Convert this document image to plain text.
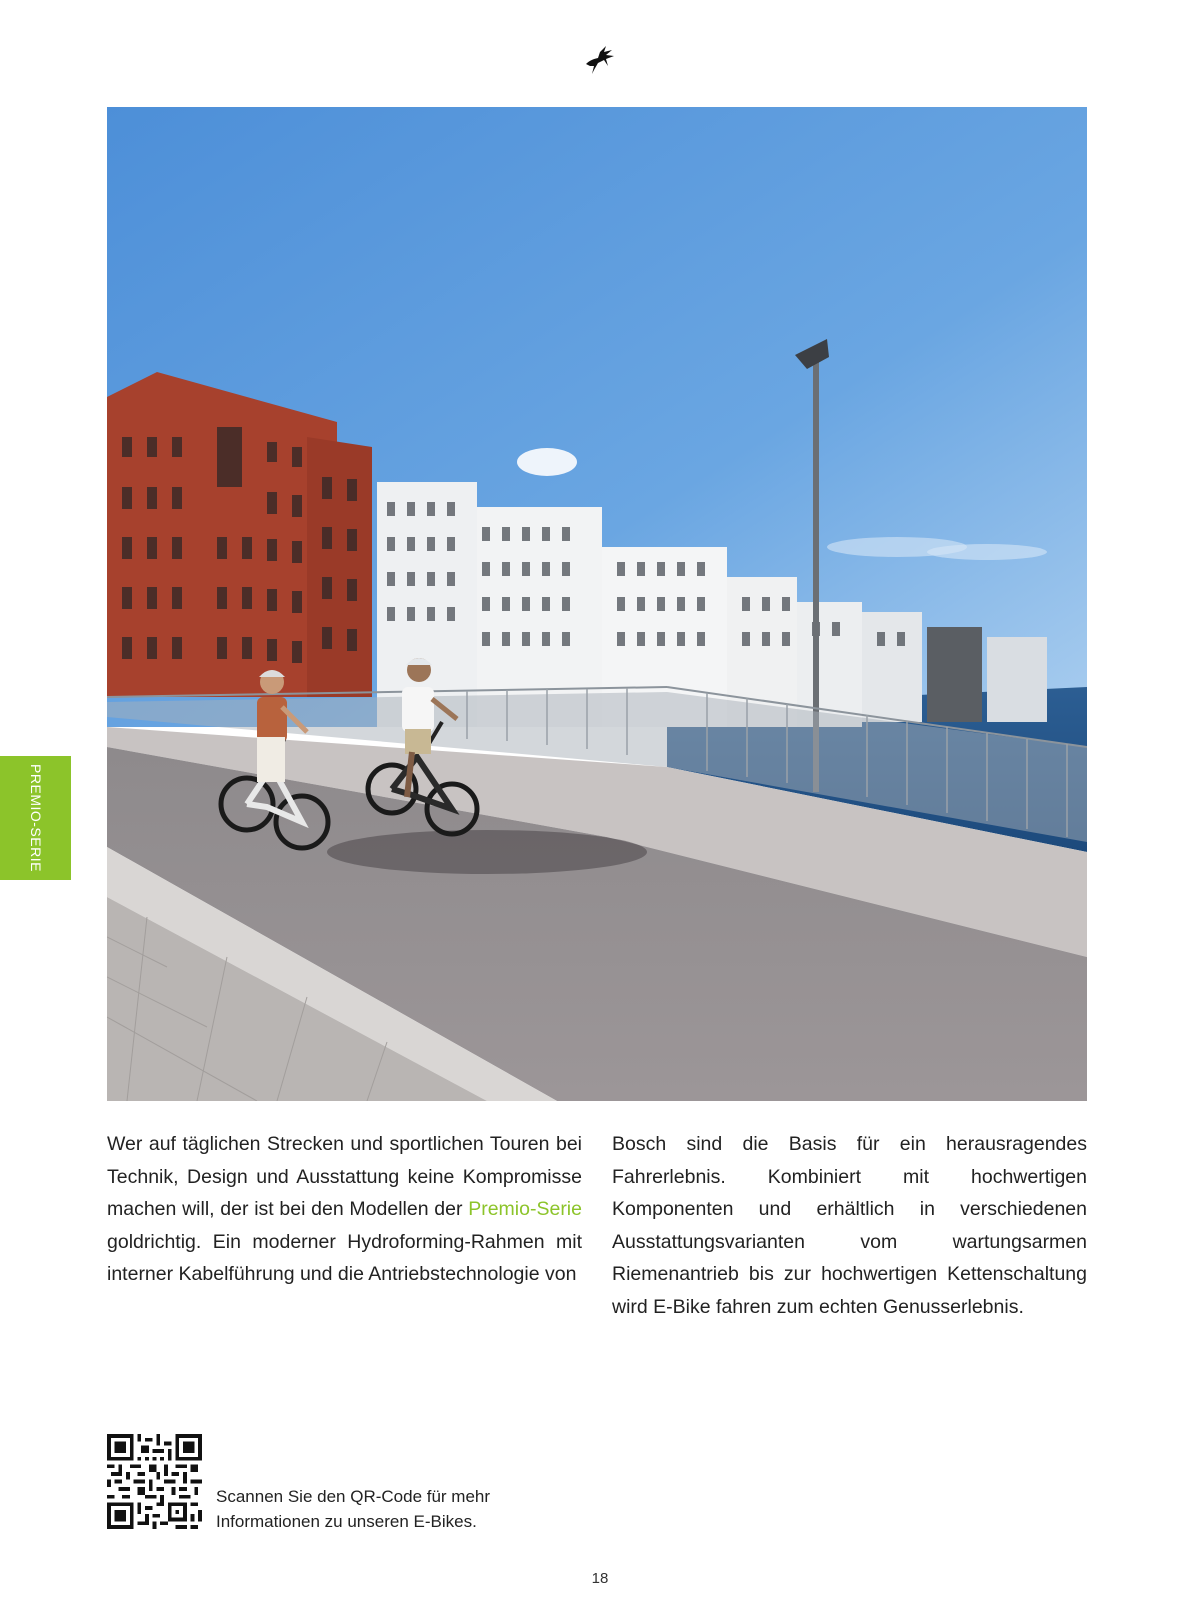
PREMIO-SERIE
Wer auf täglichen Strecken und sportlichen Touren bei Technik, Design und Ausstattung keine Kompromisse machen will, der ist bei den Modellen der Premio-Serie goldrichtig. Ein moderner Hydroforming-Rahmen mit interner Kabelführung und die Antriebstechnologie von
Bosch sind die Basis für ein herausragendes Fahrerlebnis. Kombiniert mit hochwertigen Komponenten und erhältlich in verschiedenen Ausstattungsvarianten vom wartungsarmen Riemenantrieb bis zur hochwertigen Kettenschaltung wird E-Bike fahren zum echten Genusserlebnis.
Scannen Sie den QR-Code für mehr
Informationen zu unseren E-Bikes.
18
